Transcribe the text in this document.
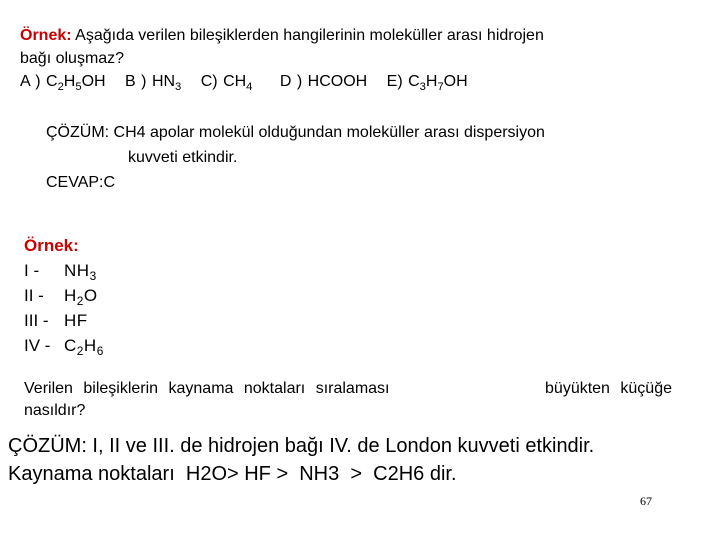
Örnek: Aşağıda verilen bileşiklerden hangilerinin moleküller arası hidrojen
bağı oluşmaz?
A ) $C_2H_5OH$ B ) $HN_3$ C) $CH_4$ D ) HCOOH E) $C_3H_7OH$
ÇÖZÜM: CH4 apolar molekül olduğundan moleküller arası dispersiyon
kuvveti etkindir.
CEVAP:C
Örnek:
I -	$NH_3$
II -	$H_2O$
III - HF
IV - $C_2H_6$
Verilen bileşiklerin kaynama noktaları sıralaması	büyükten küçüğe
nasıldır?
ÇÖZÜM: I, II ve III. de hidrojen bağı IV. de London kuvveti etkindir.
Kaynama noktaları  H2O> HF >  NH3  >  C2H6 dir.
67
